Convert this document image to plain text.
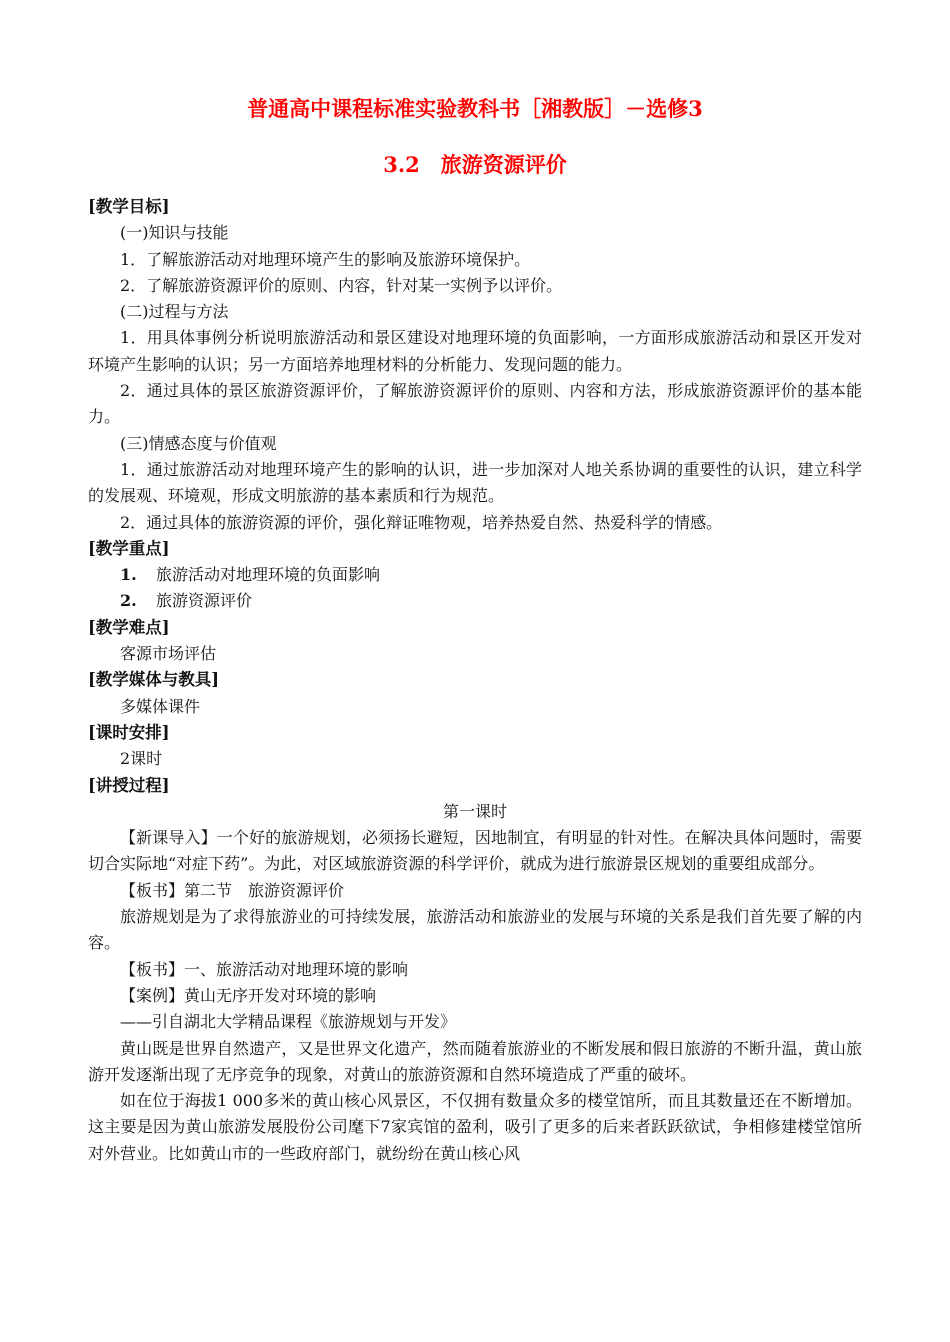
普通高中课程标准实验教科书［湘教版］－选修3
3.2　旅游资源评价

[教学目标]

(一)知识与技能

1．了解旅游活动对地理环境产生的影响及旅游环境保护。

2．了解旅游资源评价的原则、内容，针对某一实例予以评价。

(二)过程与方法

1．用具体事例分析说明旅游活动和景区建设对地理环境的负面影响，一方面形成旅游活动和景区开发对环境产生影响的认识；另一方面培养地理材料的分析能力、发现问题的能力。

2．通过具体的景区旅游资源评价，了解旅游资源评价的原则、内容和方法，形成旅游资源评价的基本能力。

(三)情感态度与价值观

1．通过旅游活动对地理环境产生的影响的认识，进一步加深对人地关系协调的重要性的认识，建立科学的发展观、环境观，形成文明旅游的基本素质和行为规范。

2．通过具体的旅游资源的评价，强化辩证唯物观，培养热爱自然、热爱科学的情感。

[教学重点]

1. 旅游活动对地理环境的负面影响

2. 旅游资源评价

[教学难点]

客源市场评估

[教学媒体与教具]

多媒体课件

[课时安排]

2课时

[讲授过程]

第一课时

【新课导入】一个好的旅游规划，必须扬长避短，因地制宜，有明显的针对性。在解决具体问题时，需要切合实际地“对症下药”。为此，对区域旅游资源的科学评价，就成为进行旅游景区规划的重要组成部分。

【板书】第二节　旅游资源评价

旅游规划是为了求得旅游业的可持续发展，旅游活动和旅游业的发展与环境的关系是我们首先要了解的内容。

【板书】一、旅游活动对地理环境的影响

【案例】黄山无序开发对环境的影响

——引自湖北大学精品课程《旅游规划与开发》

黄山既是世界自然遗产，又是世界文化遗产，然而随着旅游业的不断发展和假日旅游的不断升温，黄山旅游开发逐渐出现了无序竞争的现象，对黄山的旅游资源和自然环境造成了严重的破坏。

如在位于海拔1 000多米的黄山核心风景区，不仅拥有数量众多的楼堂馆所，而且其数量还在不断增加。这主要是因为黄山旅游发展股份公司麾下7家宾馆的盈利，吸引了更多的后来者跃跃欲试，争相修建楼堂馆所对外营业。比如黄山市的一些政府部门，就纷纷在黄山核心风
